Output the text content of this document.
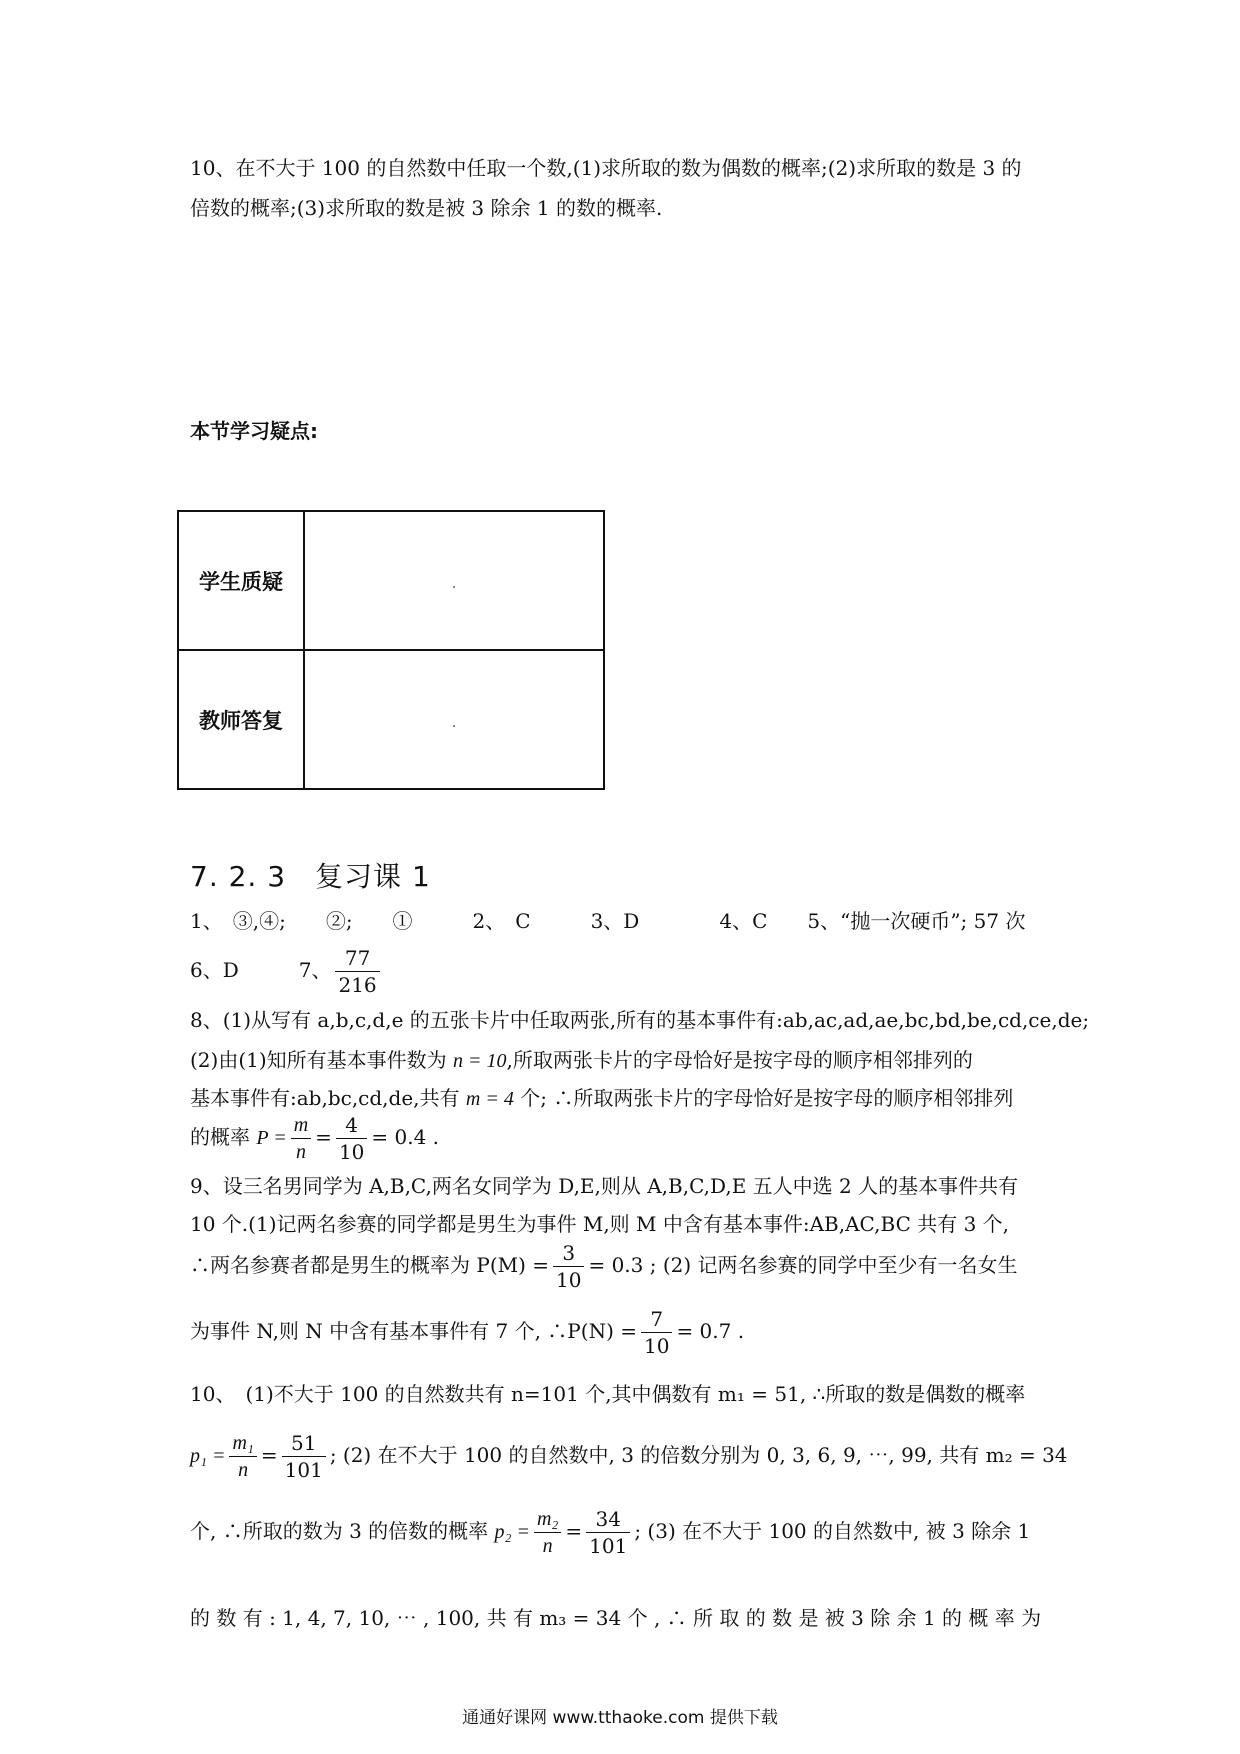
10、在不大于 100 的自然数中任取一个数,(1)求所取的数为偶数的概率;(2)求所取的数是 3 的
倍数的概率;(3)求所取的数是被 3 除余 1 的数的概率.
本节学习疑点:
学生质疑	
教师答复	
7. 2. 3　复习课 1
1、　③,④;　　②;　　①　　　2、　C　　　3、D　　　　4、C　　5、“抛一次硬币”; 57 次
6、D　　　7、 $\frac{77}{216}$
8、(1)从写有 a,b,c,d,e 的五张卡片中任取两张,所有的基本事件有:ab,ac,ad,ae,bc,bd,be,cd,ce,de;
(2)由(1)知所有基本事件数为 n = 10,所取两张卡片的字母恰好是按字母的顺序相邻排列的
基本事件有:ab,bc,cd,de,共有 m = 4 个; ∴所取两张卡片的字母恰好是按字母的顺序相邻排列
的概率 $P = \frac{m}{n} = \frac{4}{10} = 0.4$ .
9、设三名男同学为 A,B,C,两名女同学为 D,E,则从 A,B,C,D,E 五人中选 2 人的基本事件共有
10 个.(1)记两名参赛的同学都是男生为事件 M,则 M 中含有基本事件:AB,AC,BC 共有 3 个,
∴两名参赛者都是男生的概率为 $P(M) = \frac{3}{10} = 0.3$ ; (2) 记两名参赛的同学中至少有一名女生
为事件 N,则 N 中含有基本事件有 7 个, ∴P(N) = $\frac{7}{10} = 0.7$ .
10、　(1)不大于 100 的自然数共有 n=101 个,其中偶数有 m₁ = 51, ∴所取的数是偶数的概率
$p_1 = \frac{\text{m₁}}{n} = \frac{51}{101}$ ; (2) 在不大于 100 的自然数中, 3 的倍数分别为 0, 3, 6, 9, ⋯, 99, 共有 m₂ = 34
个, ∴所取的数为 3 的倍数的概率 $p_2 = \frac{\text{m₂}}{n} = \frac{34}{101}$ ; (3) 在不大于 100 的自然数中, 被 3 除余 1
的 数 有 : 1, 4, 7, 10, ⋯ , 100, 共 有 m₃ = 34 个 , ∴ 所 取 的 数 是 被 3 除 余 1 的 概 率 为
通通好课网 www.tthaoke.com 提供下载
